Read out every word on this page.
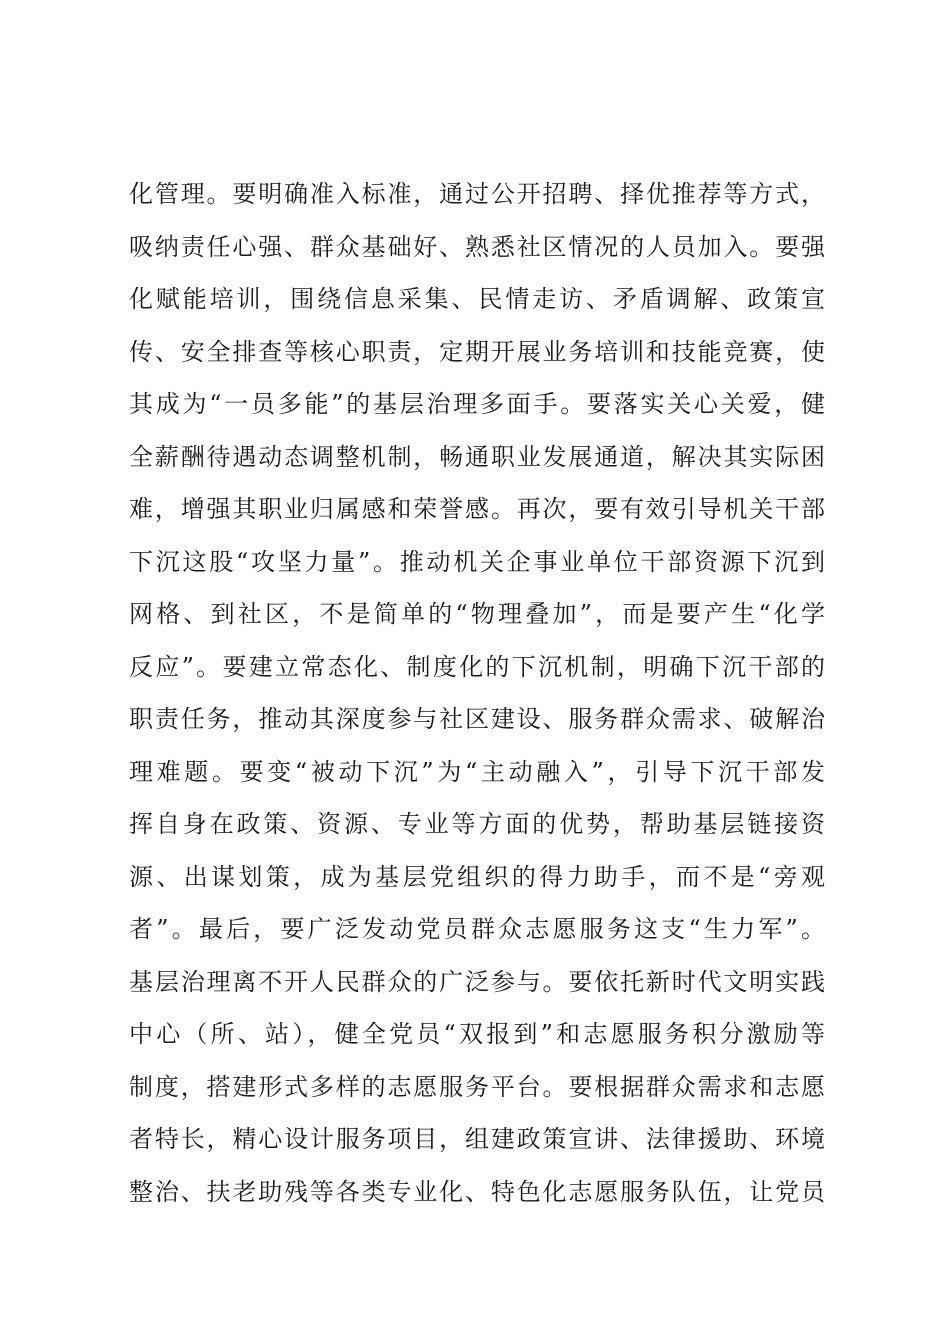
化管理。要明确准入标准，通过公开招聘、择优推荐等方式，
吸纳责任心强、群众基础好、熟悉社区情况的人员加入。要强
化赋能培训，围绕信息采集、民情走访、矛盾调解、政策宣
传、安全排查等核心职责，定期开展业务培训和技能竞赛，使
其成为“一员多能”的基层治理多面手。要落实关心关爱，健
全薪酬待遇动态调整机制，畅通职业发展通道，解决其实际困
难，增强其职业归属感和荣誉感。再次，要有效引导机关干部
下沉这股“攻坚力量”。推动机关企事业单位干部资源下沉到
网格、到社区，不是简单的“物理叠加”，而是要产生“化学
反应”。要建立常态化、制度化的下沉机制，明确下沉干部的
职责任务，推动其深度参与社区建设、服务群众需求、破解治
理难题。要变“被动下沉”为“主动融入”，引导下沉干部发
挥自身在政策、资源、专业等方面的优势，帮助基层链接资
源、出谋划策，成为基层党组织的得力助手，而不是“旁观
者”。最后，要广泛发动党员群众志愿服务这支“生力军”。
基层治理离不开人民群众的广泛参与。要依托新时代文明实践
中心（所、站），健全党员“双报到”和志愿服务积分激励等
制度，搭建形式多样的志愿服务平台。要根据群众需求和志愿
者特长，精心设计服务项目，组建政策宣讲、法律援助、环境
整治、扶老助残等各类专业化、特色化志愿服务队伍，让党员
